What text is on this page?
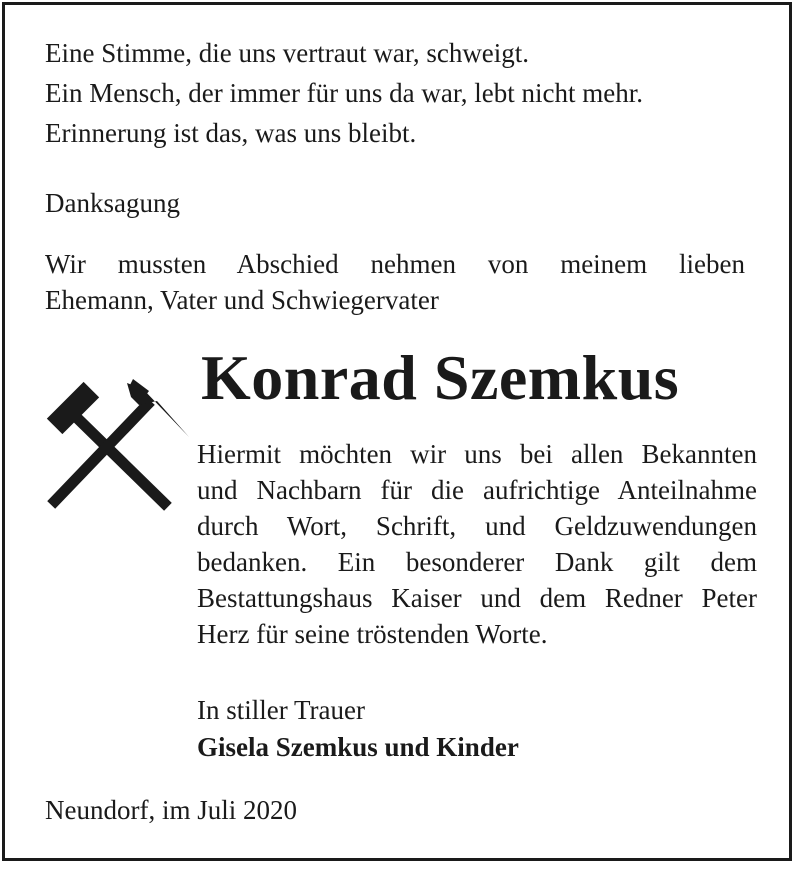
Eine Stimme, die uns vertraut war, schweigt.
Ein Mensch, der immer für uns da war, lebt nicht mehr.
Erinnerung ist das, was uns bleibt.
Danksagung
Wir mussten Abschied nehmen von meinem lieben
Ehemann, Vater und Schwiegervater
Konrad Szemkus
Hiermit möchten wir uns bei allen Bekannten
und Nachbarn für die aufrichtige Anteilnahme
durch Wort, Schrift, und Geldzuwendungen
bedanken. Ein besonderer Dank gilt dem
Bestattungshaus Kaiser und dem Redner Peter
Herz für seine tröstenden Worte.
In stiller Trauer
Gisela Szemkus und Kinder
Neundorf, im Juli 2020
